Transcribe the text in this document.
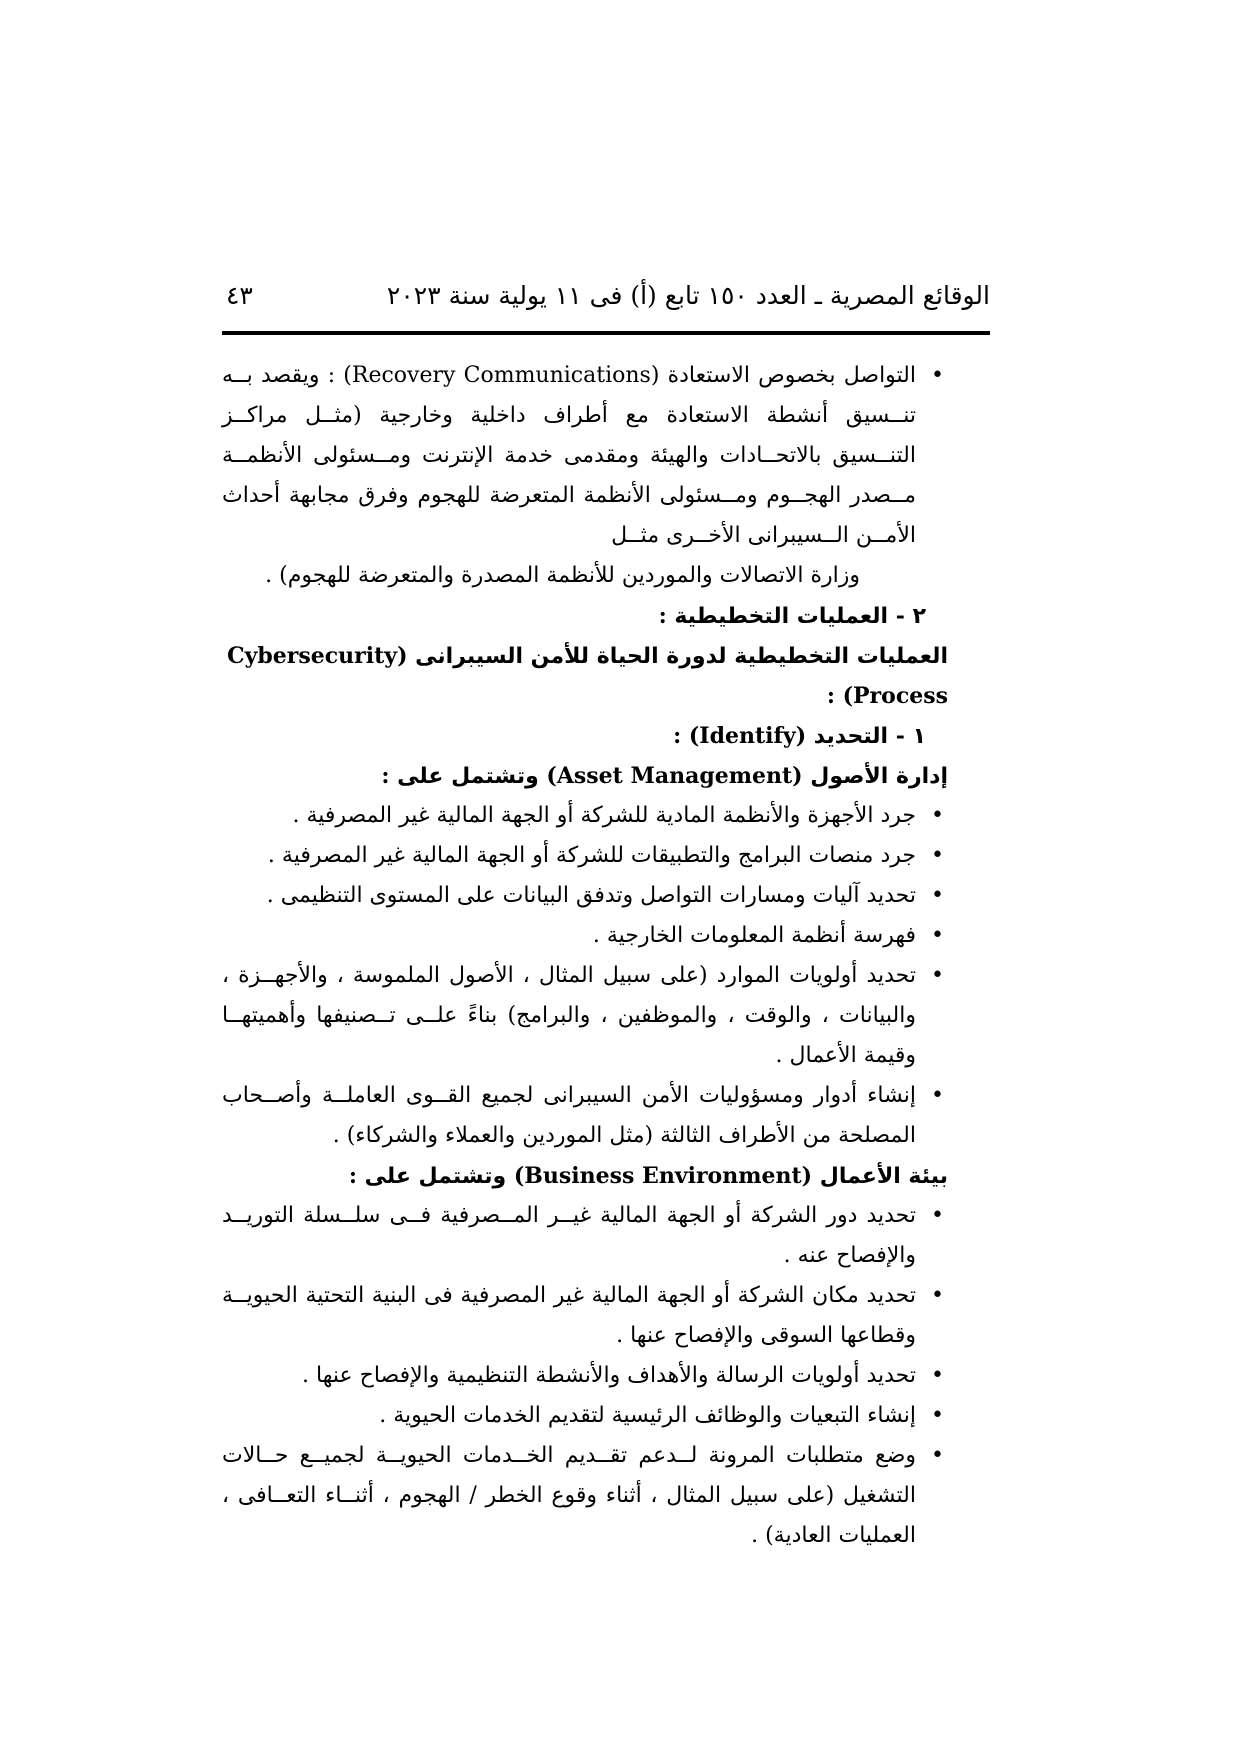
الوقائع المصرية ـ العدد ١٥٠ تابع (أ) فى ١١ يولية سنة ٢٠٢٣
٤٣
•
التواصل بخصوص الاستعادة (Recovery Communications) : ويقصد بــه تنــسيق أنشطة الاستعادة مع أطراف داخلية وخارجية (مثــل مراكــز التنــسيق بالاتحــادات والهيئة ومقدمى خدمة الإنترنت ومــسئولى الأنظمــة مــصدر الهجــوم ومــسئولى الأنظمة المتعرضة للهجوم وفرق مجابهة أحداث الأمــن الــسيبرانى الأخــرى مثــل
وزارة الاتصالات والموردين للأنظمة المصدرة والمتعرضة للهجوم) .
٢ - العمليات التخطيطية :
العمليات التخطيطية لدورة الحياة للأمن السيبرانى (Cybersecurity Process) :
١ - التحديد (Identify) :
إدارة الأصول (Asset Management) وتشتمل على :
•
جرد الأجهزة والأنظمة المادية للشركة أو الجهة المالية غير المصرفية .
•
جرد منصات البرامج والتطبيقات للشركة أو الجهة المالية غير المصرفية .
•
تحديد آليات ومسارات التواصل وتدفق البيانات على المستوى التنظيمى .
•
فهرسة أنظمة المعلومات الخارجية .
•
تحديد أولويات الموارد (على سبيل المثال ، الأصول الملموسة ، والأجهــزة ، والبيانات ، والوقت ، والموظفين ، والبرامج) بناءً علــى تــصنيفها وأهميتهــا وقيمة الأعمال .
•
إنشاء أدوار ومسؤوليات الأمن السيبرانى لجميع القــوى العاملــة وأصــحاب المصلحة من الأطراف الثالثة (مثل الموردين والعملاء والشركاء) .
بيئة الأعمال (Business Environment) وتشتمل على :
•
تحديد دور الشركة أو الجهة المالية غيــر المــصرفية فــى سلــسلة التوريــد والإفصاح عنه .
•
تحديد مكان الشركة أو الجهة المالية غير المصرفية فى البنية التحتية الحيويــة وقطاعها السوقى والإفصاح عنها .
•
تحديد أولويات الرسالة والأهداف والأنشطة التنظيمية والإفصاح عنها .
•
إنشاء التبعيات والوظائف الرئيسية لتقديم الخدمات الحيوية .
•
وضع متطلبات المرونة لــدعم تقــديم الخــدمات الحيويــة لجميــع حــالات التشغيل (على سبيل المثال ، أثناء وقوع الخطر / الهجوم ، أثنــاء التعــافى ، العمليات العادية) .
